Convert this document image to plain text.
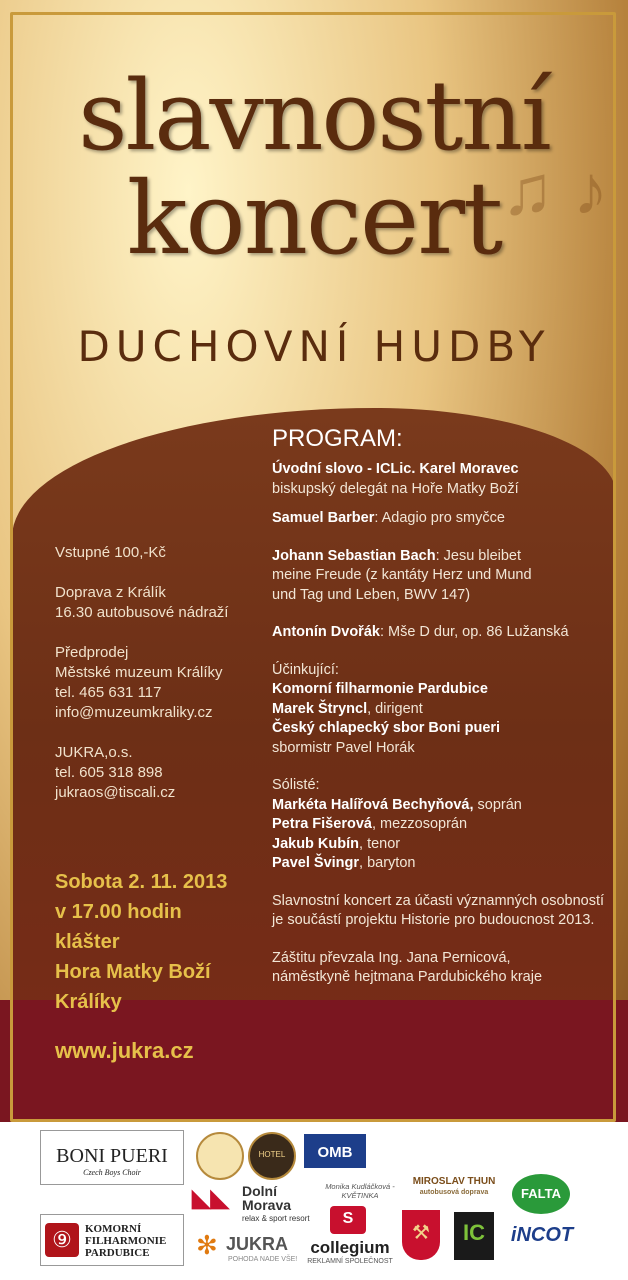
♫ ♪
slavnostní
koncert
DUCHOVNÍ HUDBY
Vstupné 100,-Kč
Doprava z Králík
16.30 autobusové nádraží
Předprodej
Městské muzeum Králíky
tel. 465 631 117
info@muzeumkraliky.cz
JUKRA,o.s.
tel. 605 318 898
jukraos@tiscali.cz
Sobota 2. 11. 2013
v 17.00 hodin
klášter
Hora Matky Boží
Králíky
www.jukra.cz
PROGRAM:
Úvodní slovo - ICLic. Karel Moravec
biskupský delegát na Hoře Matky Boží
Samuel Barber: Adagio pro smyčce
Johann Sebastian Bach: Jesu bleibet
meine Freude (z kantáty Herz und Mund
und Tag und Leben, BWV 147)
Antonín Dvořák: Mše D dur, op. 86 Lužanská
Účinkující:
Komorní filharmonie Pardubice
Marek Štryncl, dirigent
Český chlapecký sbor Boni pueri
sbormistr Pavel Horák
Sólisté:
Markéta Halířová Bechyňová, soprán
Petra Fišerová, mezzosoprán
Jakub Kubín, tenor
Pavel Švingr, baryton
Slavnostní koncert za účasti významných osobností
je součástí projektu Historie pro budoucnost 2013.
Záštitu převzala Ing. Jana Pernicová,
náměstkyně hejtmana Pardubického kraje
BONI PUERI
Czech Boys Choir
⑨	KOMORNÍ
FILHARMONIE
PARDUBICE
HOTEL	OMB
◣◣ Dolní
Morava
relax & sport resort
Monika Kudláčková - KVĚTINKA
MIROSLAV THUN
autobusová doprava	FALTA
S
✻ JUKRA
POHODA NADE VŠE!
collegium
REKLAMNÍ SPOLEČNOST
⚒	IC	iNCOT
